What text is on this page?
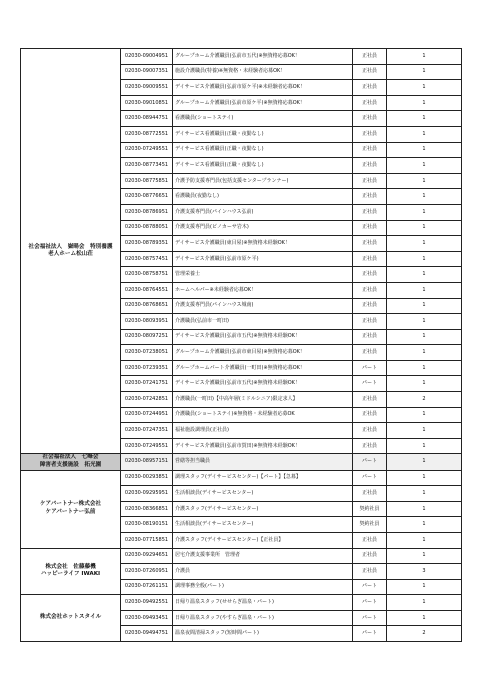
社会福祉法人　嶽暘会　特別養護
老人ホーム松山荘	02030-09004951	グループホーム介護職員(弘前市五代)※無資格応募OK！	正社員	1
	02030-09007351	施設介護職員(特養)※無資格・未経験者応募OK！	正社員	1
	02030-09009551	デイサービス介護職員(弘前市原ケ平)※未経験者応募OK！	正社員	1
	02030-09010851	グループホーム介護職員(弘前市原ケ平)※無資格応募OK！	正社員	1
	02030-08944751	看護職員(ショートステイ)	正社員	1
	02030-08772551	デイサービス看護職員(正職・夜勤なし)	正社員	1
	02030-07249551	デイサービス看護職員(正職・夜勤なし)	正社員	1
	02030-08773451	デイサービス看護職員(正職・夜勤なし)	正社員	1
	02030-08775851	介護予防支援専門員(包括支援センタープランナー)	正社員	1
	02030-08776651	看護職員(夜勤なし)	正社員	1
	02030-08786951	介護支援専門員(パインハウス弘前)	正社員	1
	02030-08788051	介護支援専門員(ピノカーサ岩木)	正社員	1
	02030-08789351	デイサービス介護職員(東目屋)※無資格未経験OK！	正社員	1
	02030-08757451	デイサービス介護職員(弘前市原ケ平)	正社員	1
	02030-08758751	管理栄養士	正社員	1
	02030-08764551	ホームヘルパー※未経験者応募OK！	正社員	1
	02030-08768651	介護支援専門員(パインハウス城南)	正社員	1
	02030-08093951	介護職員(弘前市一町田)	正社員	1
	02030-08097251	デイサービス介護職員(弘前市五代)※無資格未経験OK！	正社員	1
	02030-07238051	グループホーム介護職員(弘前市東目屋)※無資格応募OK！	正社員	1
	02030-07239351	グループホームパート介護職員(一町田)※無資格応募OK！	パート	1
	02030-07241751	デイサービス介護職員(弘前市五代)※無資格未経験OK！	パート	1
	02030-07242851	介護職員(一町田)【中高年層(ミドルシニア)限定求人】	正社員	2
	02030-07244951	介護職員(ショートステイ)※無資格・未経験者応募OK	正社員	1
	02030-07247351	福祉施設調理員(正社員)	正社員	1
	02030-07249551	デイサービス介護職員(弘前市賀田)※無資格未経験OK！	正社員	1

社会福祉法人　七峰会
障害者支援施設　拓光園	02030-08957151	営繕等担当職員	パート	1

ケアパートナー株式会社
ケアパートナー弘前	02030-00293851	調理スタッフ(デイサービスセンター)【パート】【急募】	パート	1
	02030-09295951	生活相談員(デイサービスセンター)	正社員	1
	02030-08366851	介護スタッフ(デイサービスセンター)	契約社員	1
	02030-08190151	生活相談員(デイサービスセンター)	契約社員	1
	02030-07715851	介護スタッフ(デイサービスセンター)【正社員】	正社員	1

株式会社　佐藤藤機
ハッピーライフ IWAKI	02030-09294651	居宅介護支援事業所　管理者	正社員	1
	02030-07260951	介護員	正社員	3
	02030-07261151	調理事務全般(パート)	パート	1

株式会社ホットスタイル	02030-09492551	日帰り温泉スタッフ(せせらぎ温泉・パート)	パート	1
	02030-09493451	日帰り温泉スタッフ(やすらぎ温泉・パート)	パート	1
	02030-09494751	温泉夜間清掃スタッフ(短時間パート)	パート	2
